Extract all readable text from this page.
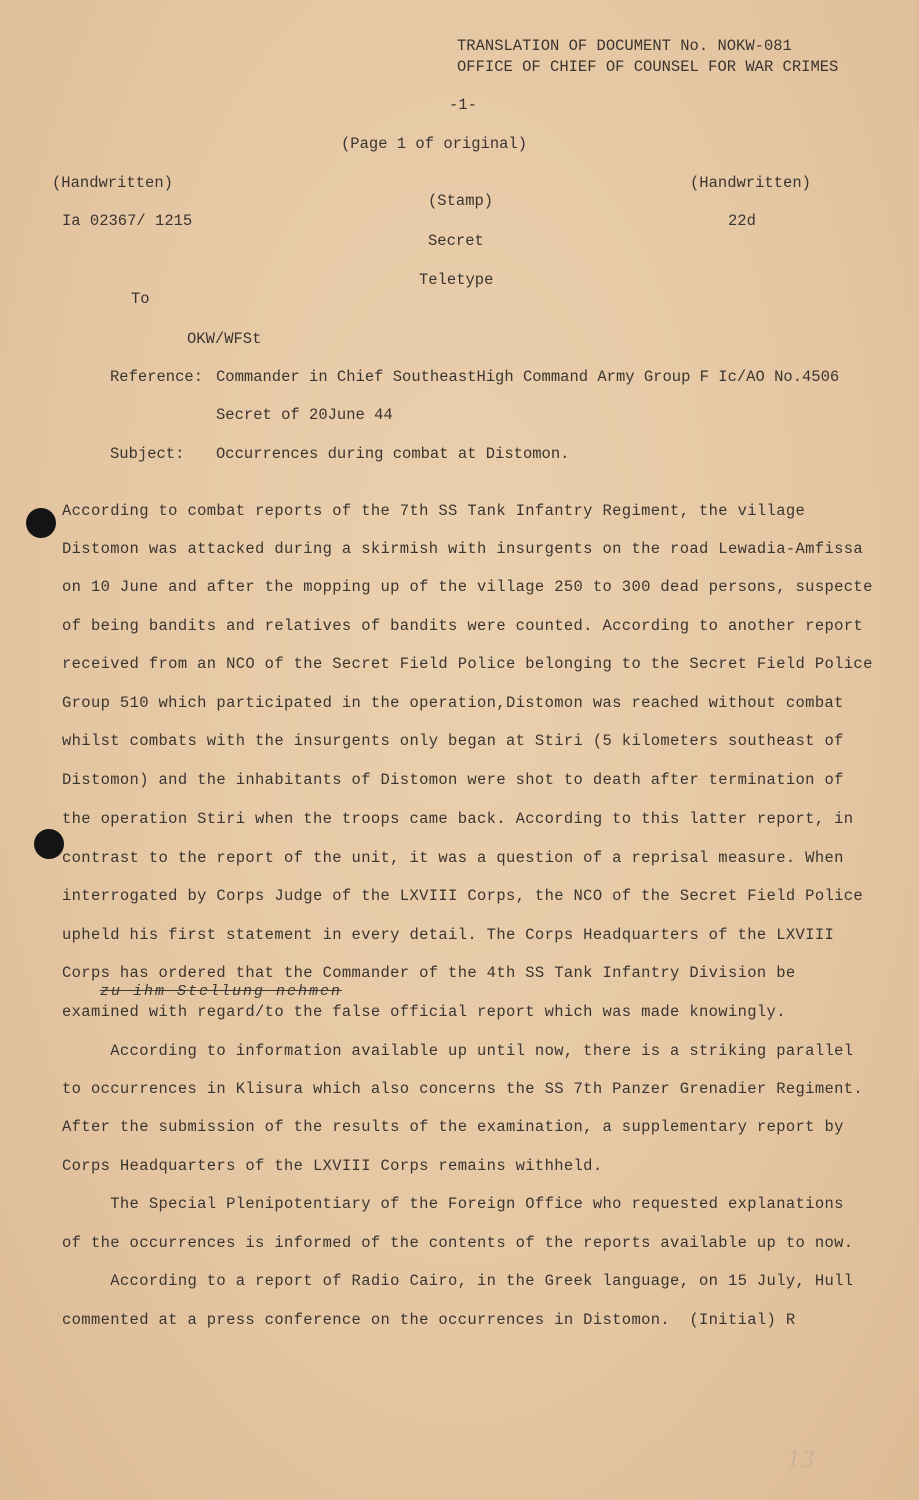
TRANSLATION OF DOCUMENT No. NOKW-081
OFFICE OF CHIEF OF COUNSEL FOR WAR CRIMES
-1-
(Page 1 of original)
(Handwritten)
Ia 02367/ 1215
(Stamp)
Secret
(Handwritten)
22d
Teletype
To
OKW/WFSt
Reference: Commander in Chief SoutheastHigh Command Army Group F Ic/AO No.4506
Secret of 20June 44
Subject: Occurrences during combat at Distomon.
According to combat reports of the 7th SS Tank Infantry Regiment, the village
Distomon was attacked during a skirmish with insurgents on the road Lewadia-Amfissa
on 10 June and after the mopping up of the village 250 to 300 dead persons, suspecte
of being bandits and relatives of bandits were counted. According to another report
received from an NCO of the Secret Field Police belonging to the Secret Field Police
Group 510 which participated in the operation,Distomon was reached without combat
whilst combats with the insurgents only began at Stiri (5 kilometers southeast of
Distomon) and the inhabitants of Distomon were shot to death after termination of
the operation Stiri when the troops came back. According to this latter report, in
contrast to the report of the unit, it was a question of a reprisal measure. When
interrogated by Corps Judge of the LXVIII Corps, the NCO of the Secret Field Police
upheld his first statement in every detail. The Corps Headquarters of the LXVIII
Corps has ordered that the Commander of the 4th SS Tank Infantry Division be
zu ihm Stellung nehmen
examined with regard/to the false official report which was made knowingly.
According to information available up until now, there is a striking parallel
to occurrences in Klisura which also concerns the SS 7th Panzer Grenadier Regiment.
After the submission of the results of the examination, a supplementary report by
Corps Headquarters of the LXVIII Corps remains withheld.
The Special Plenipotentiary of the Foreign Office who requested explanations
of the occurrences is informed of the contents of the reports available up to now.
According to a report of Radio Cairo, in the Greek language, on 15 July, Hull
commented at a press conference on the occurrences in Distomon.  (Initial) R
13
